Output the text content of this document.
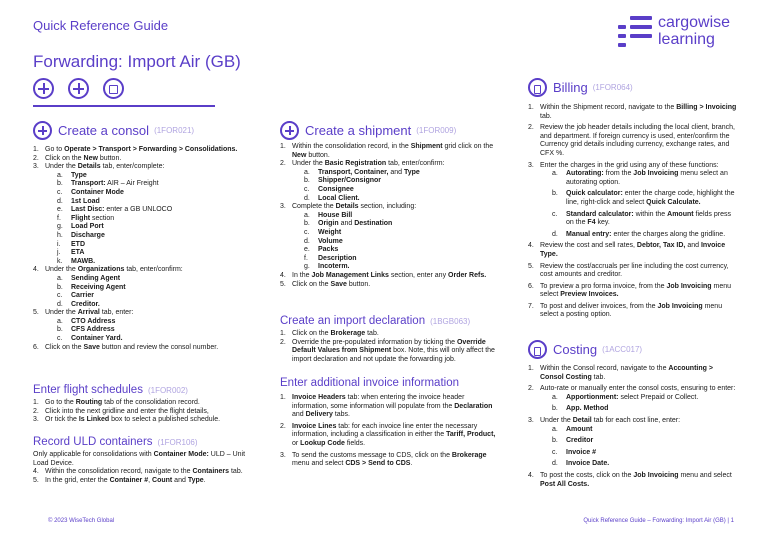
Quick Reference Guide	cargowise
learning
Forwarding: Import Air (GB)
Create a consol (1FOR021)
1. Go to Operate > Transport > Forwarding > Consolidations.
2. Click on the New button.
3. Under the Details tab, enter/complete:
a. Type
b. Transport: AIR – Air Freight
c. Container Mode
d. 1st Load
e. Last Disc: enter a GB UNLOCO
f. Flight section
g. Load Port
h. Discharge
i. ETD
j. ETA
k. MAWB.
4. Under the Organizations tab, enter/confirm:
a. Sending Agent
b. Receiving Agent
c. Carrier
d. Creditor.
5. Under the Arrival tab, enter:
a. CTO Address
b. CFS Address
c. Container Yard.
6. Click on the Save button and review the consol number.
Enter flight schedules (1FOR002)
1. Go to the Routing tab of the consolidation record.
2. Click into the next gridline and enter the flight details,
3. Or tick the Is Linked box to select a published schedule.
Record ULD containers (1FOR106)

Only applicable for consolidations with Container Mode: ULD – Unit Load Device.

4. Within the consolidation record, navigate to the Containers tab.
5. In the grid, enter the Container #, Count and Type.
Create a shipment (1FOR009)
1. Within the consolidation record, in the Shipment grid click on the New button.
2. Under the Basic Registration tab, enter/confirm:
a. Transport, Container, and Type
b. Shipper/Consignor
c. Consignee
d. Local Client.
3. Complete the Details section, including:
a. House Bill
b. Origin and Destination
c. Weight
d. Volume
e. Packs
f. Description
g. Incoterm.
4. In the Job Management Links section, enter any Order Refs.
5. Click on the Save button.
Create an import declaration (1BGB063)
1. Click on the Brokerage tab.
2. Override the pre-populated information by ticking the Override Default Values from Shipment box. Note, this will only affect the import declaration and not update the forwarding job.
Enter additional invoice information
1. Invoice Headers tab: when entering the invoice header information, some information will populate from the Declaration and Delivery tabs.
2. Invoice Lines tab: for each invoice line enter the necessary information, including a classification in either the Tariff, Product, or Lookup Code fields.
3. To send the customs message to CDS, click on the Brokerage menu and select CDS > Send to CDS.
Billing (1FOR064)
1. Within the Shipment record, navigate to the Billing > Invoicing tab.
2. Review the job header details including the local client, branch, and department. If foreign currency is used, enter/confirm the Currency grid details including currency, exchange rates, and CFX %.
3. Enter the charges in the grid using any of these functions:
a. Autorating: from the Job Invoicing menu select an autorating option.
b. Quick calculator: enter the charge code, highlight the line, right-click and select Quick Calculate.
c. Standard calculator: within the Amount fields press on the F4 key.
d. Manual entry: enter the charges along the gridline.
4. Review the cost and sell rates, Debtor, Tax ID, and Invoice Type.
5. Review the cost/accruals per line including the cost currency, cost amounts and creditor.
6. To preview a pro forma invoice, from the Job Invoicing menu select Preview Invoices.
7. To post and deliver invoices, from the Job Invoicing menu select a posting option.
Costing (1ACC017)
1. Within the Consol record, navigate to the Accounting > Consol Costing tab.
2. Auto-rate or manually enter the consol costs, ensuring to enter:
a. Apportionment: select Prepaid or Collect.
b. App. Method
3. Under the Detail tab for each cost line, enter:
a. Amount
b. Creditor
c. Invoice #
d. Invoice Date.
4. To post the costs, click on the Job Invoicing menu and select Post All Costs.
© 2023 WiseTech Global	Quick Reference Guide – Forwarding: Import Air (GB) | 1
